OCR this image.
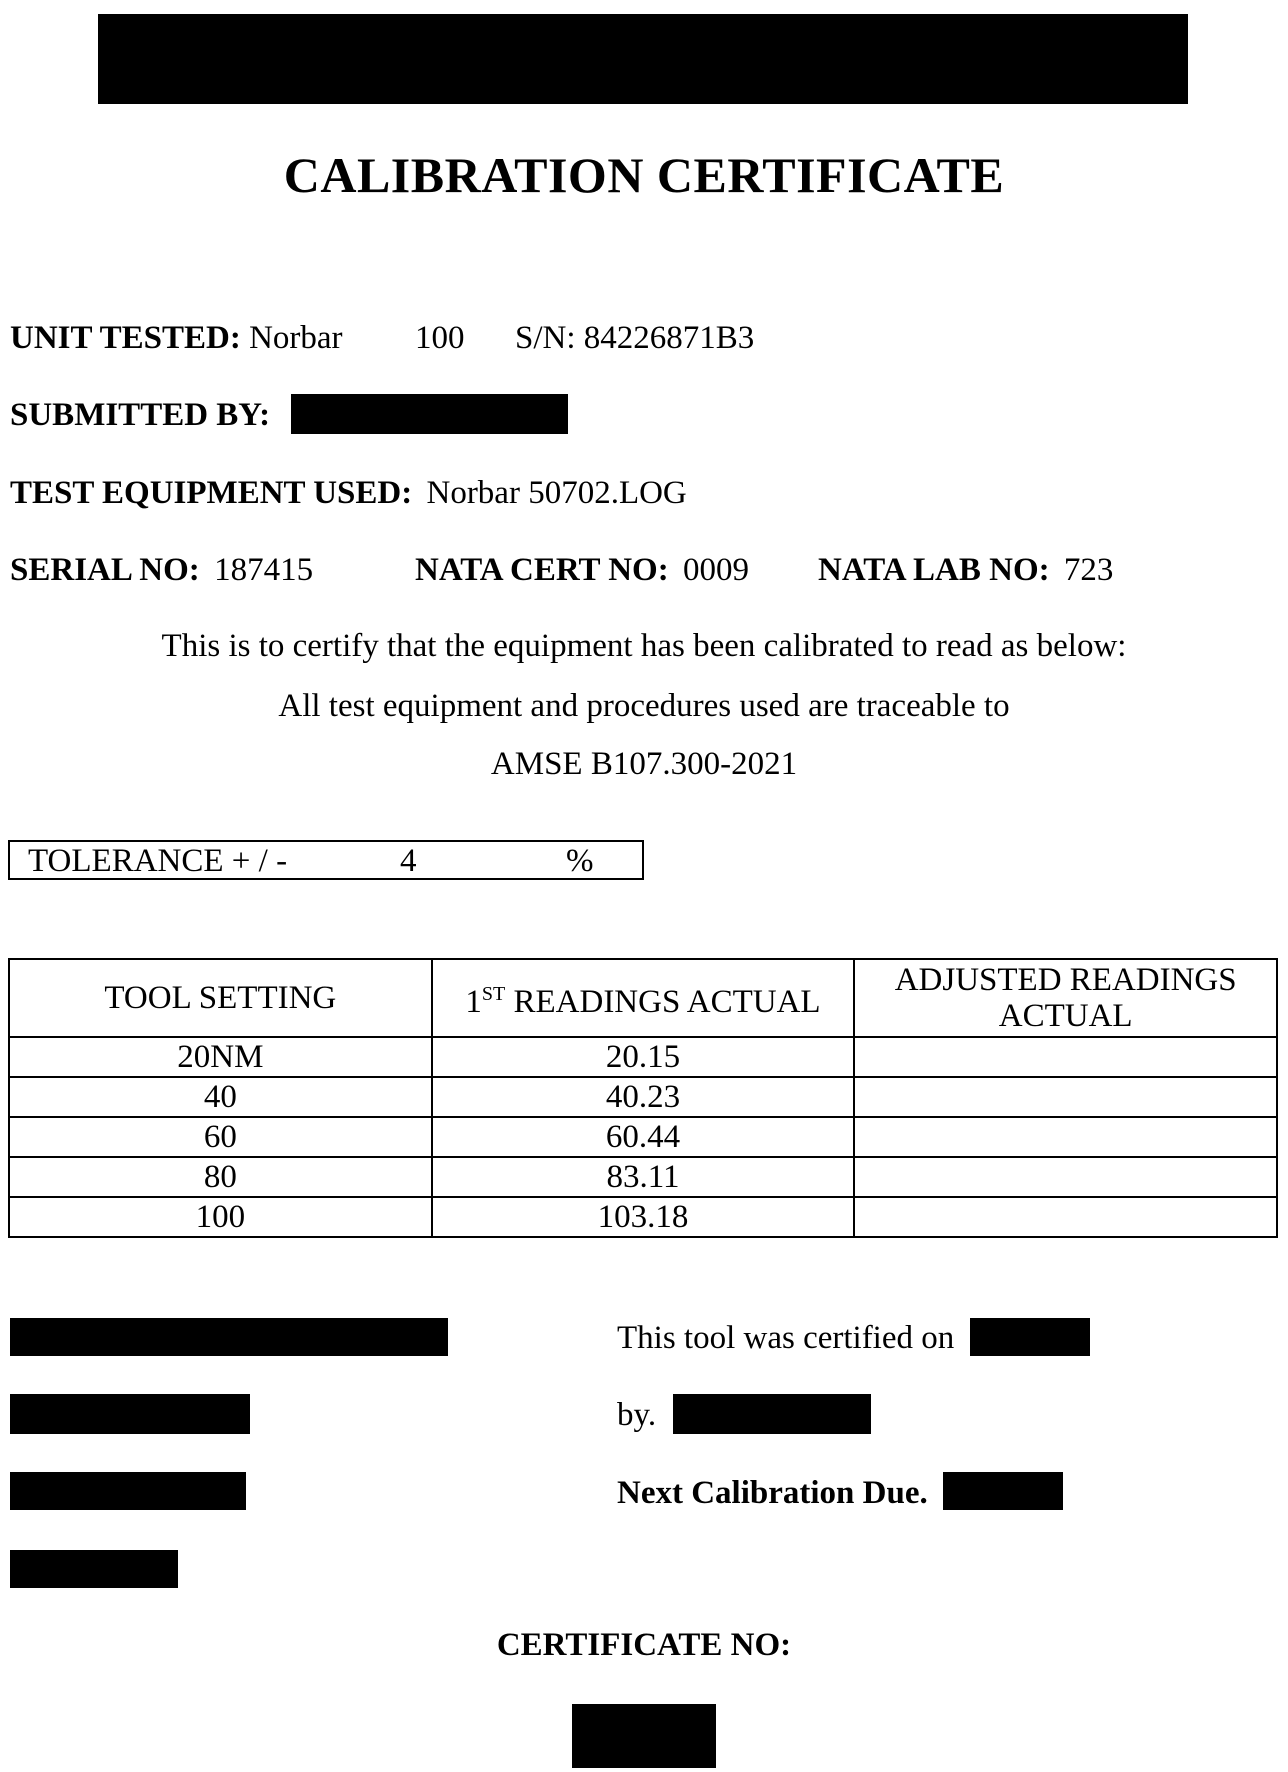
CALIBRATION CERTIFICATE
UNIT TESTED: Norbar 100 S/N: 84226871B3
SUBMITTED BY:
TEST EQUIPMENT USED: Norbar 50702.LOG
SERIAL NO: 187415	NATA CERT NO: 0009 NATA LAB NO: 723
This is to certify that the equipment has been calibrated to read as below:
All test equipment and procedures used are traceable to
AMSE B107.300-2021
TOLERANCE + / -	4	%
TOOL SETTING	1ST READINGS ACTUAL	ADJUSTED READINGS
ACTUAL
20NM	20.15	
40	40.23	
60	60.44	
80	83.11	
100	103.18	
This tool was certified on
by.
Next Calibration Due.
CERTIFICATE NO:
